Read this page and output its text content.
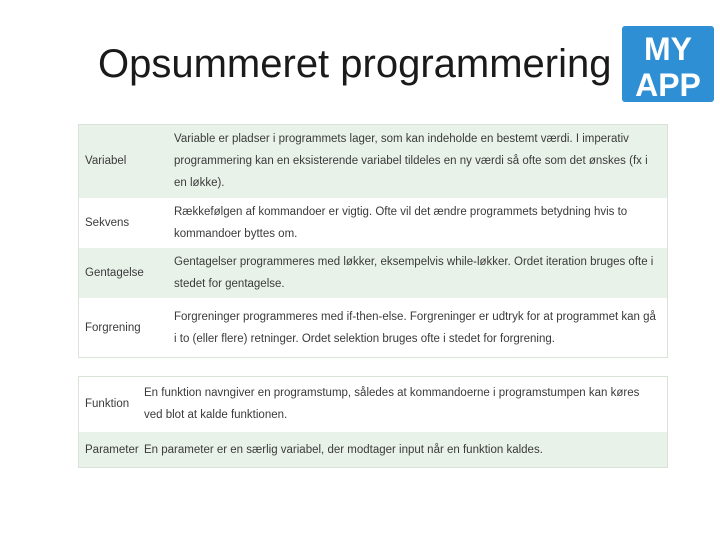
Opsummeret programmering MY
APP
Variabel
Variable er pladser i programmets lager, som kan indeholde en bestemt værdi. I imperativ programmering kan en eksisterende variabel tildeles en ny værdi så ofte som det ønskes (fx i en løkke).
Sekvens
Rækkefølgen af kommandoer er vigtig. Ofte vil det ændre programmets betydning hvis to kommandoer byttes om.
Gentagelse
Gentagelser programmeres med løkker, eksempelvis while-løkker. Ordet iteration bruges ofte i stedet for gentagelse.
Forgrening
Forgreninger programmeres med if-then-else. Forgreninger er udtryk for at programmet kan gå i to (eller flere) retninger. Ordet selektion bruges ofte i stedet for forgrening.
Funktion
En funktion navngiver en programstump, således at kommandoerne i programstumpen kan køres ved blot at kalde funktionen.
Parameter En parameter er en særlig variabel, der modtager input når en funktion kaldes.
